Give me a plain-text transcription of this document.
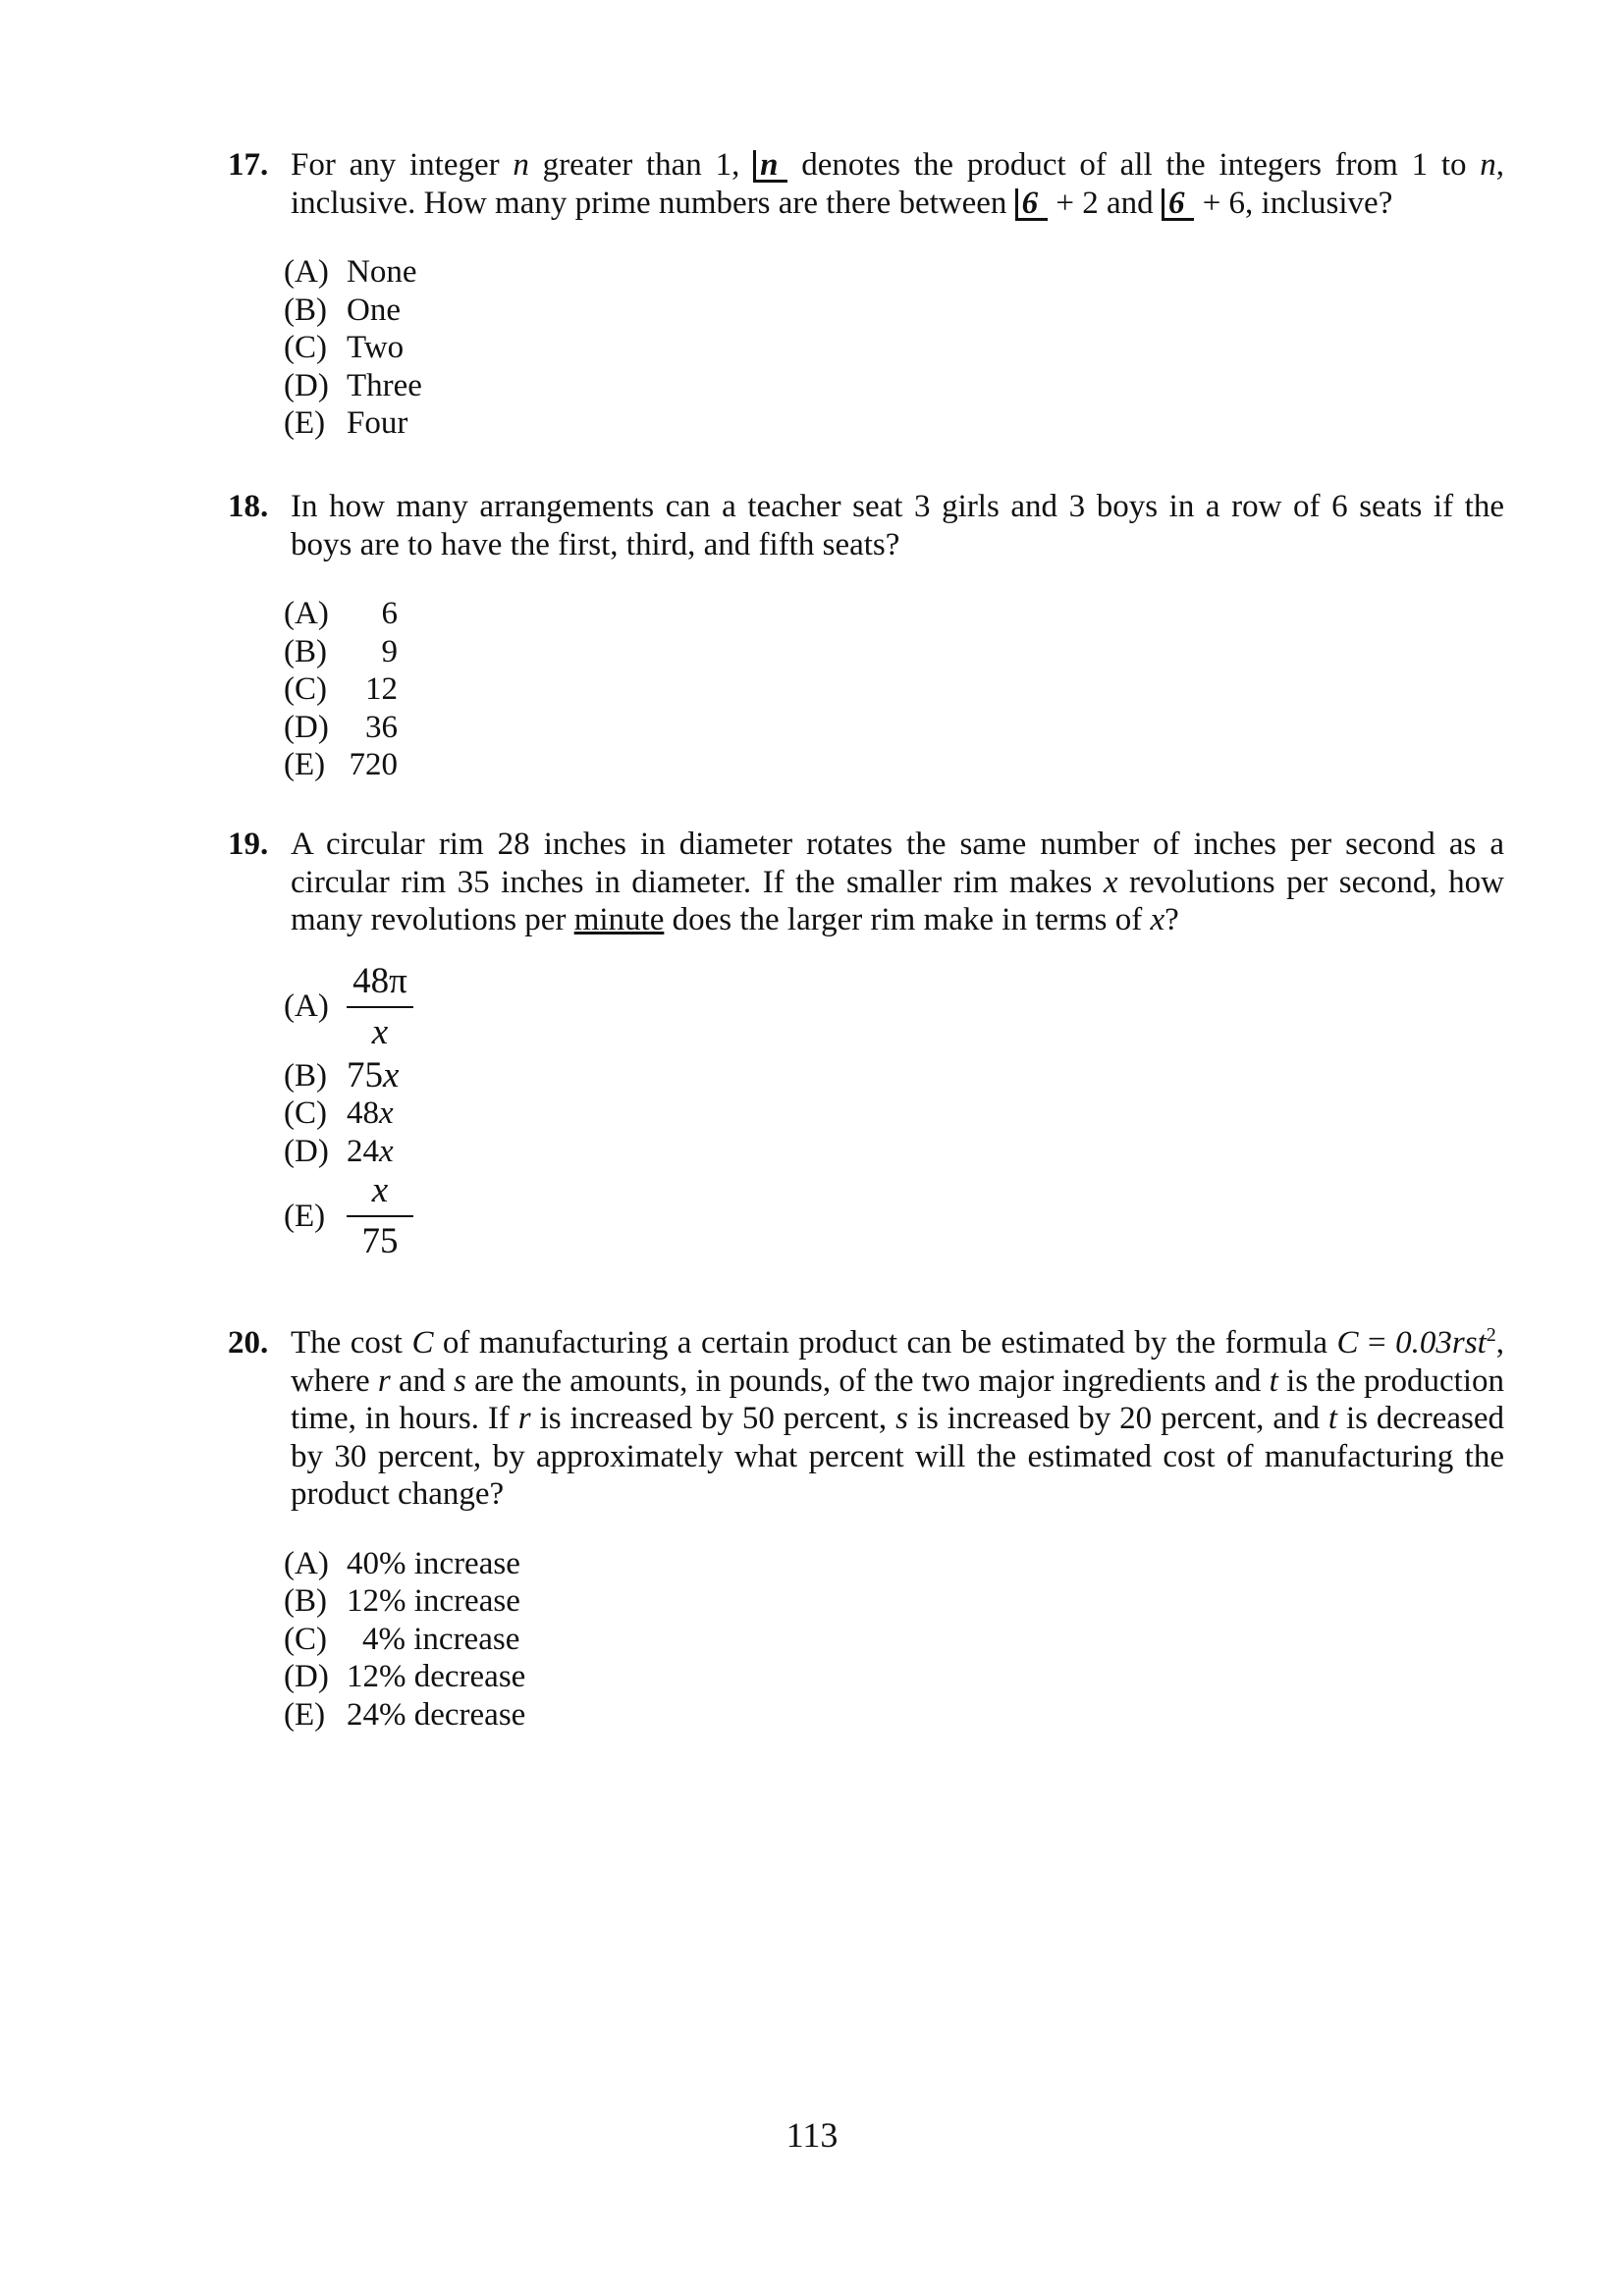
17. For any integer n greater than 1, n denotes the product of all the integers from 1 to n, inclusive. How many prime numbers are there between 6 + 2 and 6 + 6, inclusive?
(A) None
(B) One
(C) Two
(D) Three
(E) Four
18. In how many arrangements can a teacher seat 3 girls and 3 boys in a row of 6 seats if the boys are to have the first, third, and fifth seats?
(A)	6
(B)	9
(C)	12
(D)	36
(E) 720
19. A circular rim 28 inches in diameter rotates the same number of inches per second as a circular rim 35 inches in diameter. If the smaller rim makes x revolutions per second, how many revolutions per minute does the larger rim make in terms of x?
$(A) \frac{48\pi}{x}$
(B) 75x
(C) 48x
(D) 24x
$(E) \frac{x}{75}$
20. The cost C of manufacturing a certain product can be estimated by the formula C = 0.03rst$^2$, where r and s are the amounts, in pounds, of the two major ingredients and t is the production time, in hours. If r is increased by 50 percent, s is increased by 20 percent, and t is decreased by 30 percent, by approximately what percent will the estimated cost of manufacturing the product change?
(A) 40% increase
(B) 12% increase
(C)	4% increase
(D) 12% decrease
(E) 24% decrease
113
